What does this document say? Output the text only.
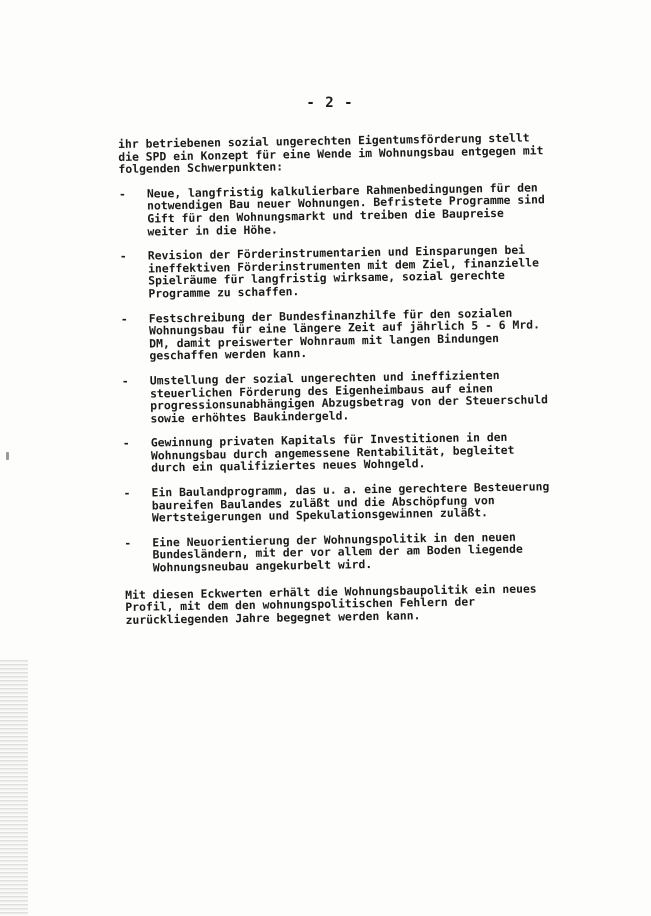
- 2 -

ihr betriebenen sozial ungerechten Eigentumsförderung stellt die SPD ein Konzept für eine Wende im Wohnungsbau entgegen mit folgenden Schwerpunkten:

-	Neue, langfristig kalkulierbare Rahmenbedingungen für den notwendigen Bau neuer Wohnungen. Befristete Programme sind Gift für den Wohnungsmarkt und treiben die Baupreise weiter in die Höhe.
-	Revision der Förderinstrumentarien und Einsparungen bei ineffektiven Förderinstrumenten mit dem Ziel, finanzielle Spielräume für langfristig wirksame, sozial gerechte Programme zu schaffen.
-	Festschreibung der Bundesfinanzhilfe für den sozialen Wohnungsbau für eine längere Zeit auf jährlich 5 - 6 Mrd. DM, damit preiswerter Wohnraum mit langen Bindungen geschaffen werden kann.
-	Umstellung der sozial ungerechten und ineffizienten steuerlichen Förderung des Eigenheimbaus auf einen progressionsunabhängigen Abzugsbetrag von der Steuerschuld sowie erhöhtes Baukindergeld.
-	Gewinnung privaten Kapitals für Investitionen in den Wohnungsbau durch angemessene Rentabilität, begleitet durch ein qualifiziertes neues Wohngeld.
-	Ein Baulandprogramm, das u. a. eine gerechtere Besteuerung baureifen Baulandes zuläßt und die Abschöpfung von Wertsteigerungen und Spekulationsgewinnen zuläßt.
-	Eine Neuorientierung der Wohnungspolitik in den neuen Bundesländern, mit der vor allem der am Boden liegende Wohnungsneubau angekurbelt wird.

Mit diesen Eckwerten erhält die Wohnungsbaupolitik ein neues Profil, mit dem den wohnungspolitischen Fehlern der zurückliegenden Jahre begegnet werden kann.
